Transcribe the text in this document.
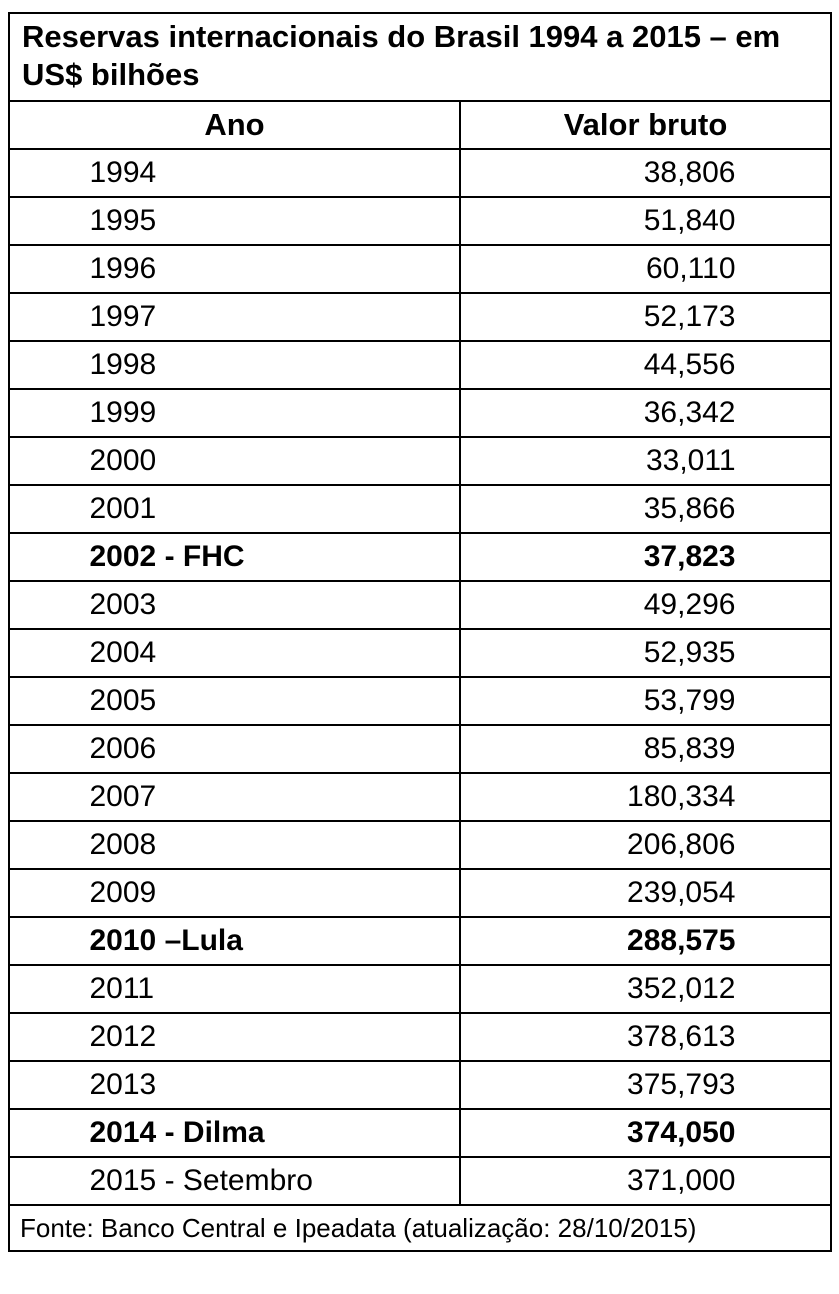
Reservas internacionais do Brasil 1994 a 2015 – em US$ bilhões	
Ano	Valor bruto
1994	38,806
1995	51,840
1996	60,110
1997	52,173
1998	44,556
1999	36,342
2000	33,011
2001	35,866
2002 - FHC	37,823
2003	49,296
2004	52,935
2005	53,799
2006	85,839
2007	180,334
2008	206,806
2009	239,054
2010 –Lula	288,575
2011	352,012
2012	378,613
2013	375,793
2014 - Dilma	374,050
2015 - Setembro	371,000
Fonte: Banco Central e Ipeadata (atualização: 28/10/2015)	
